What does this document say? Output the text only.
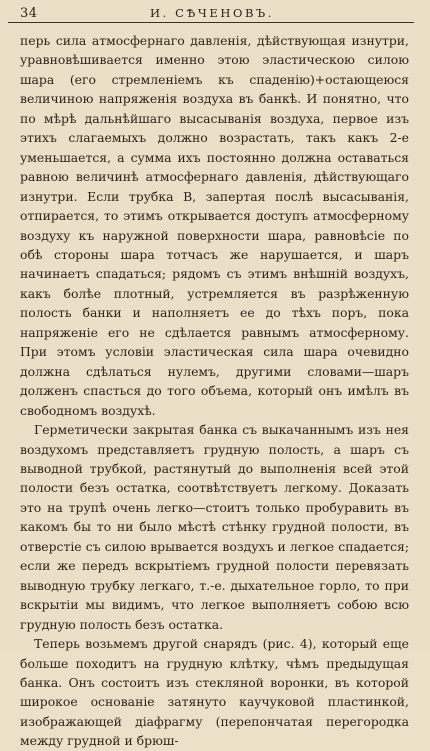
34	И. СѢЧЕНОВЪ.

перь сила атмосфернаго давленія, дѣйствующая изнутри, уравновѣшивается именно этою эластическою силою шара (его стремленіемъ къ спаденію)+остающеюся величиною напряженія воздуха въ банкѣ. И понятно, что по мѣрѣ дальнѣйшаго высасыванія воздуха, первое изъ этихъ слагаемыхъ должно возрастать, такъ какъ 2-е уменьшается, а сумма ихъ постоянно должна оставаться равною величинѣ атмосфернаго давленія, дѣйствующаго изнутри. Если трубка В, запертая послѣ высасыванія, отпирается, то этимъ открывается доступъ атмосферному воздуху къ наружной поверхности шара, равновѣсіе по обѣ стороны шара тотчасъ же нарушается, и шаръ начинаетъ спадаться; рядомъ съ этимъ внѣшній воздухъ, какъ болѣе плотный, устремляется въ разрѣженную полость банки и наполняетъ ее до тѣхъ поръ, пока напряженіе его не сдѣлается равнымъ атмосферному. При этомъ условіи эластическая сила шара очевидно должна сдѣлаться нулемъ, другими словами—шаръ долженъ спасться до того объема, который онъ имѣлъ въ свободномъ воздухѣ.

Герметически закрытая банка съ выкачаннымъ изъ нея воздухомъ представляетъ грудную полость, а шаръ съ выводной трубкой, растянутый до выполненія всей этой полости безъ остатка, соотвѣтствуетъ легкому. Доказать это на трупѣ очень легко—стоитъ только пробуравить въ какомъ бы то ни было мѣстѣ стѣнку грудной полости, въ отверстіе съ силою врывается воздухъ и легкое спадается; если же передъ вскрытіемъ грудной полости перевязать выводную трубку легкаго, т.-е. дыхательное горло, то при вскрытіи мы видимъ, что легкое выполняетъ собою всю грудную полость безъ остатка.

Теперь возьмемъ другой снарядъ (рис. 4), который еще больше походитъ на грудную клѣтку, чѣмъ предыдущая банка. Онъ состоитъ изъ стекляной воронки, въ которой широкое основаніе затянуто каучуковой пластинкой, изображающей діафрагму (перепончатая перегородка между грудной и брюш-
